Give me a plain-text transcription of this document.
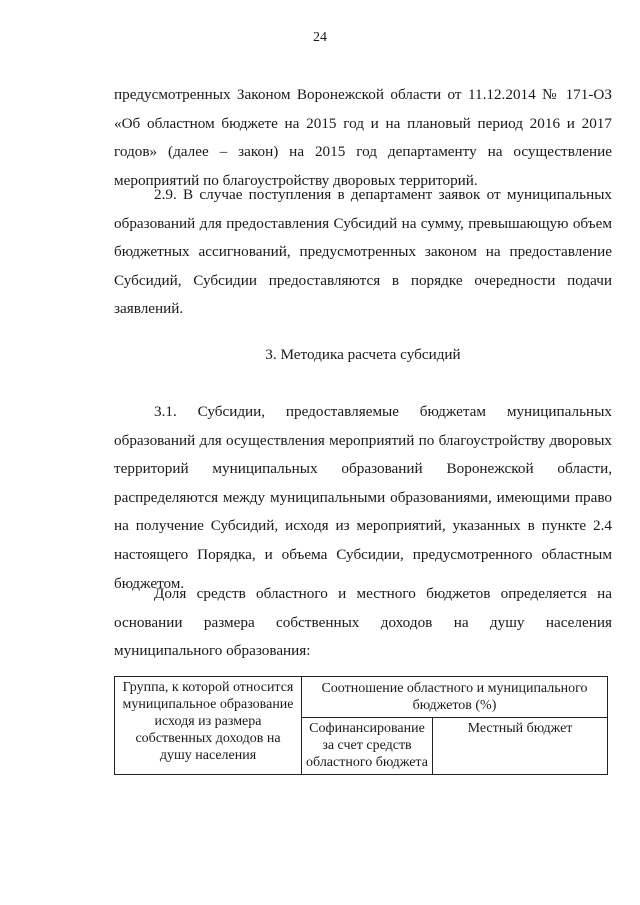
24
предусмотренных Законом Воронежской области от 11.12.2014 № 171-ОЗ «Об областном бюджете на 2015 год и на плановый период 2016 и 2017 годов» (далее – закон) на 2015 год департаменту на осуществление мероприятий по благоустройству дворовых территорий.
2.9. В случае поступления в департамент заявок от муниципальных образований для предоставления Субсидий на сумму, превышающую объем бюджетных ассигнований, предусмотренных законом на предоставление Субсидий, Субсидии предоставляются в порядке очередности подачи заявлений.
3. Методика расчета субсидий
3.1. Субсидии, предоставляемые бюджетам муниципальных образований для осуществления мероприятий по благоустройству дворовых территорий муниципальных образований Воронежской области, распределяются между муниципальными образованиями, имеющими право на получение Субсидий, исходя из мероприятий, указанных в пункте 2.4 настоящего Порядка, и объема Субсидии, предусмотренного областным бюджетом.
Доля средств областного и местного бюджетов определяется на основании размера собственных доходов на душу населения муниципального образования:
Группа, к которой относится муниципальное образование исходя из размера собственных доходов на душу населения	Соотношение областного и муниципального бюджетов (%)	
	Софинансирование за счет средств областного бюджета	Местный бюджет
